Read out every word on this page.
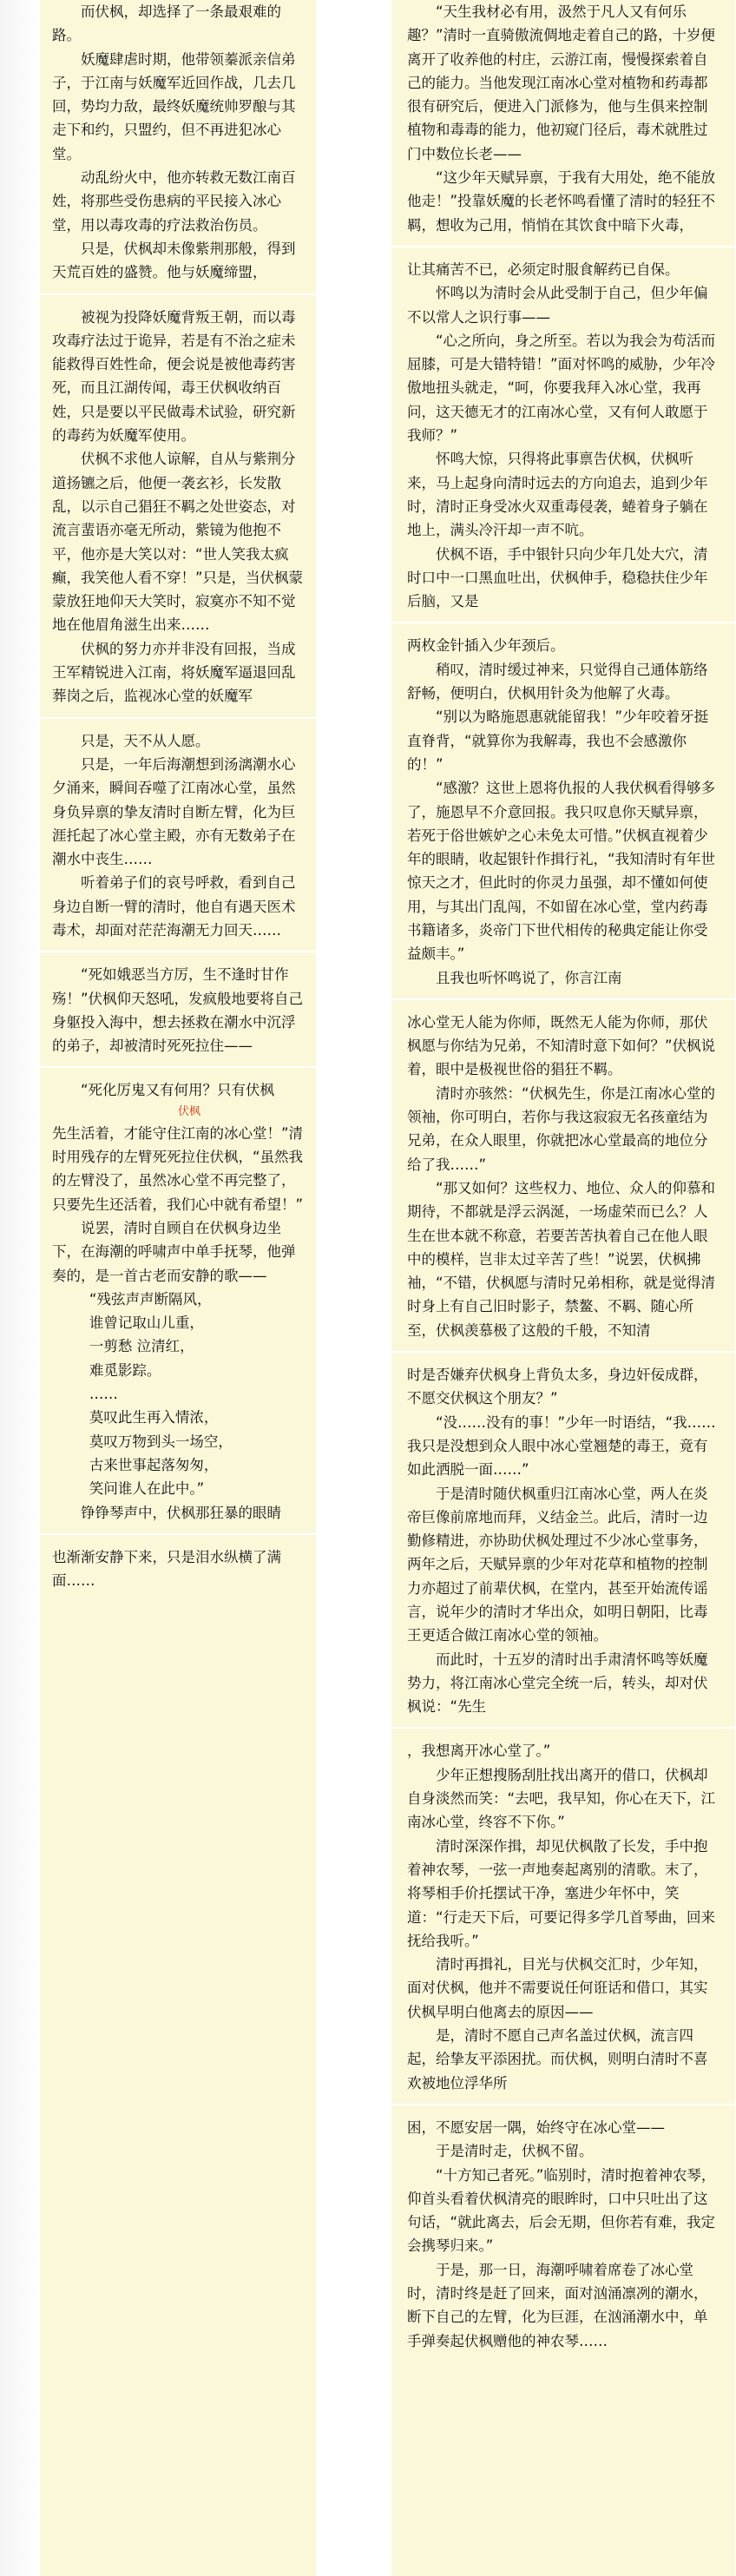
而伏枫，却选择了一条最艰难的路。

妖魔肆虐时期，他带领蓁派亲信弟子，于江南与妖魔军近回作战，几去几回，势均力敌，最终妖魔统帅罗酿与其走下和约，只盟约，但不再进犯冰心堂。

动乱纷火中，他亦转救无数江南百姓，将那些受伤患病的平民接入冰心堂，用以毒攻毒的疗法救治伤员。

只是，伏枫却未像紫荆那般，得到天荒百姓的盛赞。他与妖魔缔盟，

被视为投降妖魔背叛王朝，而以毒攻毒疗法过于诡异，若是有不治之症未能救得百姓性命，便会说是被他毒药害死，而且江湖传闻，毒王伏枫收纳百姓，只是要以平民做毒术试验，研究新的毒药为妖魔军使用。

伏枫不求他人谅解，自从与紫荆分道扬镳之后，他便一袭玄衫，长发散乱，以示自己猖狂不羁之处世姿态，对流言蜚语亦毫无所动，紫镜为他抱不平，他亦是大笑以对：“世人笑我太疯癫，我笑他人看不穿！”只是，当伏枫蒙蒙放狂地仰天大笑时，寂寞亦不知不觉地在他眉角滋生出来……

伏枫的努力亦并非没有回报，当成王军精锐进入江南，将妖魔军逼退回乱葬岗之后，监视冰心堂的妖魔军

只是，天不从人愿。

只是，一年后海潮想到汤漓潮水心夕涌来，瞬间吞噬了江南冰心堂，虽然身负异禀的挚友清时自断左臂，化为巨涯托起了冰心堂主殿，亦有无数弟子在潮水中丧生……

听着弟子们的哀号呼救，看到自己身边自断一臂的清时，他自有遇天医术毒术，却面对茫茫海潮无力回天……

“死如娥恶当方厉，生不逢时甘作殇！”伏枫仰天怒吼，发疯般地要将自己身躯投入海中，想去拯救在潮水中沉浮的弟子，却被清时死死拉住——

“死化厉鬼又有何用？只有伏枫

伏枫

先生活着，才能守住江南的冰心堂！”清时用残存的左臂死死拉住伏枫，“虽然我的左臂没了，虽然冰心堂不再完整了，只要先生还活着，我们心中就有希望！”

说罢，清时自顾自在伏枫身边坐下，在海潮的呼啸声中单手抚琴，他弹奏的，是一首古老而安静的歌——

“残弦声声断隔风，

谁曾记取山儿重，

一剪愁 泣清红，

难觅影踪。

……

莫叹此生再入情浓，

莫叹万物到头一场空，

古来世事起落匆匆，

笑问谁人在此中。”

铮铮琴声中，伏枫那狂暴的眼睛

也渐渐安静下来，只是泪水纵横了满面……

“天生我材必有用，汲然于凡人又有何乐趣？”清时一直骑傲流倜地走着自己的路，十岁便离开了收养他的村庄，云游江南，慢慢探索着自己的能力。当他发现江南冰心堂对植物和药毒都很有研究后，便进入门派修为，他与生俱来控制植物和毒毒的能力，他初窥门径后，毒术就胜过门中数位长老——

“这少年天赋异禀，于我有大用处，绝不能放他走！”投靠妖魔的长老怀鸣看懂了清时的轻狂不羁，想收为己用，悄悄在其饮食中暗下火毒，

让其痛苦不已，必须定时服食解药已自保。

怀鸣以为清时会从此受制于自己，但少年偏不以常人之识行事——

“心之所向，身之所至。若以为我会为苟活而屈膝，可是大错特错！”面对怀鸣的威胁，少年冷傲地扭头就走，“呵，你要我拜入冰心堂，我再问，这天德无才的江南冰心堂，又有何人敢愿于我师？”

怀鸣大惊，只得将此事禀告伏枫，伏枫听来，马上起身向清时远去的方向追去，追到少年时，清时正身受冰火双重毒侵袭，蜷着身子躺在地上，满头冷汗却一声不吭。

伏枫不语，手中银针只向少年几处大穴，清时口中一口黑血吐出，伏枫伸手，稳稳扶住少年后脑，又是

两枚金针插入少年颈后。

稍叹，清时缓过神来，只觉得自己通体筋络舒畅，便明白，伏枫用针灸为他解了火毒。

“别以为略施恩惠就能留我！”少年咬着牙挺直脊背，“就算你为我解毒，我也不会感激你的！”

“感激？这世上恩将仇报的人我伏枫看得够多了，施恩早不介意回报。我只叹息你天赋异禀，若死于俗世嫉妒之心未免太可惜。”伏枫直视着少年的眼睛，收起银针作揖行礼，“我知清时有年世惊天之才，但此时的你灵力虽强，却不懂如何使用，与其出门乱闯，不如留在冰心堂，堂内药毒书籍诸多，炎帝门下世代相传的秘典定能让你受益颇丰。”

且我也听怀鸣说了，你言江南

冰心堂无人能为你师，既然无人能为你师，那伏枫愿与你结为兄弟，不知清时意下如何？”伏枫说着，眼中是极视世俗的猖狂不羁。

清时亦骇然：“伏枫先生，你是江南冰心堂的领袖，你可明白，若你与我这寂寂无名孩童结为兄弟，在众人眼里，你就把冰心堂最高的地位分给了我……”

“那又如何？这些权力、地位、众人的仰慕和期待，不都就是浮云涡涎，一场虚荣而已么？人生在世本就不称意，若要苦苦执着自己在他人眼中的模样，岂非太过辛苦了些！”说罢，伏枫拂袖，“不错，伏枫愿与清时兄弟相称，就是觉得清时身上有自己旧时影子，禁鳌、不羁、随心所至，伏枫羡慕极了这般的千般，不知清

时是否嫌弃伏枫身上背负太多，身边奸佞成群，不愿交伏枫这个朋友？”

“没……没有的事！”少年一时语结，“我……我只是没想到众人眼中冰心堂翘楚的毒王，竟有如此洒脱一面……”

于是清时随伏枫重归江南冰心堂，两人在炎帝巨像前席地而拜，义结金兰。此后，清时一边勤修精进，亦协助伏枫处理过不少冰心堂事务，两年之后，天赋异禀的少年对花草和植物的控制力亦超过了前辈伏枫，在堂内，甚至开始流传谣言，说年少的清时才华出众，如明日朝阳，比毒王更适合做江南冰心堂的领袖。

而此时，十五岁的清时出手肃清怀鸣等妖魔势力，将江南冰心堂完全统一后，转头，却对伏枫说：“先生

，我想离开冰心堂了。”

少年正想搜肠刮肚找出离开的借口，伏枫却自身淡然而笑：“去吧，我早知，你心在天下，江南冰心堂，终容不下你。”

清时深深作揖，却见伏枫散了长发，手中抱着神农琴，一弦一声地奏起离别的清歌。末了，将琴相手价托摆试干净，塞进少年怀中，笑道：“行走天下后，可要记得多学几首琴曲，回来抚给我听。”

清时再揖礼，目光与伏枫交汇时，少年知，面对伏枫，他并不需要说任何诳话和借口，其实伏枫早明白他离去的原因——

是，清时不愿自己声名盖过伏枫，流言四起，给挚友平添困扰。而伏枫，则明白清时不喜欢被地位浮华所

困，不愿安居一隅，始终守在冰心堂——

于是清时走，伏枫不留。

“十方知己者死。”临别时，清时抱着神农琴，仰首头看着伏枫清亮的眼眸时，口中只吐出了这句话，“就此离去，后会无期，但你若有难，我定会携琴归来。”

于是，那一日，海潮呼啸着席卷了冰心堂时，清时终是赶了回来，面对汹涌凛冽的潮水，断下自己的左臂，化为巨涯，在汹涌潮水中，单手弹奏起伏枫赠他的神农琴……
